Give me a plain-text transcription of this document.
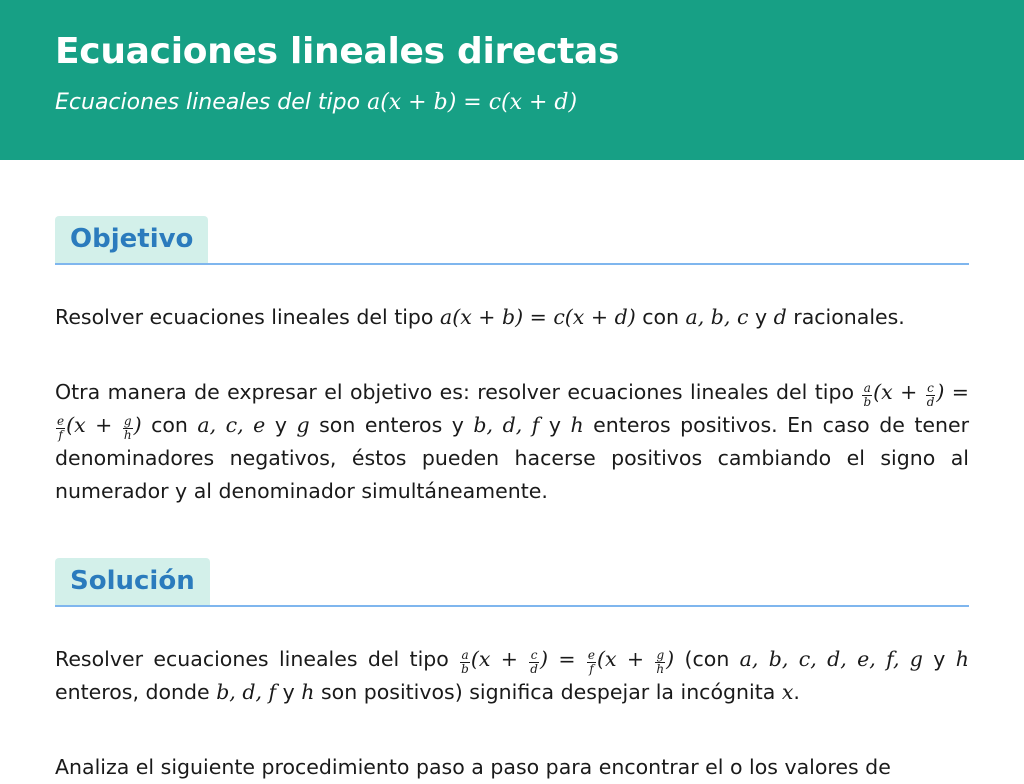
Ecuaciones lineales directas
Ecuaciones lineales del tipo a(x + b) = c(x + d)
Objetivo

Resolver ecuaciones lineales del tipo a(x + b) = c(x + d) con a, b, c y d racionales.

Otra manera de expresar el objetivo es: resolver ecuaciones lineales del tipo $\frac{a}{b} (x + \frac{c}{d}$ ) =
$\frac{e}{f} (x + \frac{g}{h}$ ) con a, c, e y g son enteros y b, d, f y h enteros positivos. En caso de tener denominadores negativos, éstos pueden hacerse positivos cambiando el signo al numerador y al denominador simultáneamente.

Solución

Resolver ecuaciones lineales del tipo $\frac{a}{b} (x + \frac{c}{d}$ ) = $\frac{e}{f} (x + \frac{g}{h}$ ) (con a, b, c, d, e, f, g y h enteros, donde b, d, f y h son positivos) significa despejar la incógnita x.

Analiza el siguiente procedimiento paso a paso para encontrar el o los valores de
